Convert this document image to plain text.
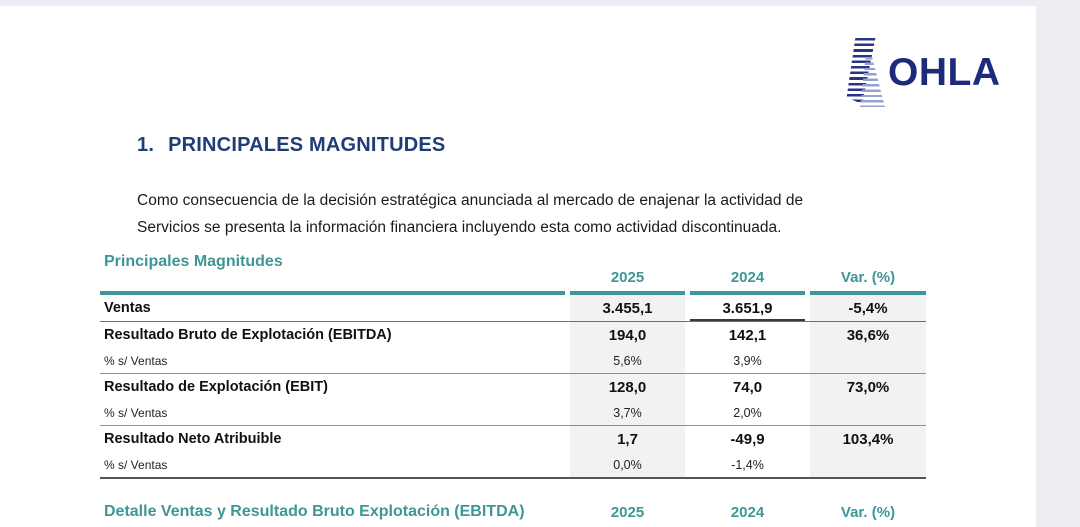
OHLA
1. PRINCIPALES MAGNITUDES
Como consecuencia de la decisión estratégica anunciada al mercado de enajenar la actividad de
Servicios se presenta la información financiera incluyendo esta como actividad discontinuada.
Principales Magnitudes
2025	2024	Var. (%)
Ventas	3.455,1	3.651,9	-5,4%
Resultado Bruto de Explotación (EBITDA)	194,0	142,1	36,6%
% s/ Ventas	5,6%	3,9%
Resultado de Explotación (EBIT)	128,0	74,0	73,0%
% s/ Ventas	3,7%	2,0%
Resultado Neto Atribuible	1,7	-49,9	103,4%
% s/ Ventas	0,0%	-1,4%
Detalle Ventas y Resultado Bruto Explotación (EBITDA)	2025	2024	Var. (%)
